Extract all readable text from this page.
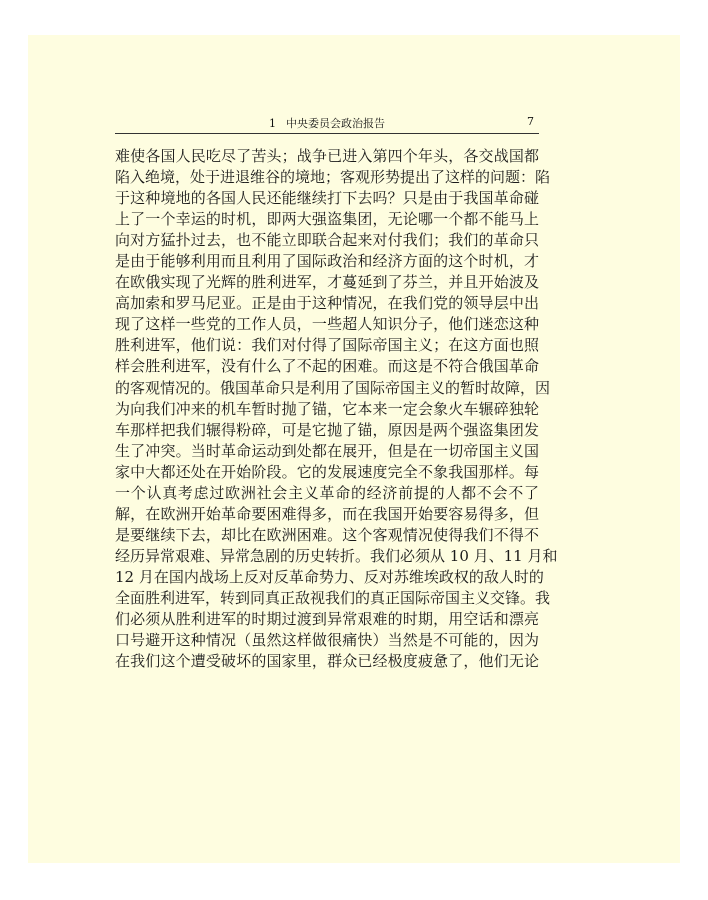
1 中央委员会政治报告	7
难使各国人民吃尽了苦头；战争已进入第四个年头，各交战国都
陷入绝境，处于进退维谷的境地；客观形势提出了这样的问题：陷
于这种境地的各国人民还能继续打下去吗？只是由于我国革命碰
上了一个幸运的时机，即两大强盗集团，无论哪一个都不能马上
向对方猛扑过去，也不能立即联合起来对付我们；我们的革命只
是由于能够利用而且利用了国际政治和经济方面的这个时机，才
在欧俄实现了光辉的胜利进军，才蔓延到了芬兰，并且开始波及
高加索和罗马尼亚。正是由于这种情况，在我们党的领导层中出
现了这样一些党的工作人员，一些超人知识分子，他们迷恋这种
胜利进军，他们说：我们对付得了国际帝国主义；在这方面也照
样会胜利进军，没有什么了不起的困难。而这是不符合俄国革命
的客观情况的。俄国革命只是利用了国际帝国主义的暂时故障，因
为向我们冲来的机车暂时抛了锚，它本来一定会象火车辗碎独轮
车那样把我们辗得粉碎，可是它抛了锚，原因是两个强盗集团发
生了冲突。当时革命运动到处都在展开，但是在一切帝国主义国
家中大都还处在开始阶段。它的发展速度完全不象我国那样。每
一个认真考虑过欧洲社会主义革命的经济前提的人都不会不了
解，在欧洲开始革命要困难得多，而在我国开始要容易得多，但
是要继续下去，却比在欧洲困难。这个客观情况使得我们不得不
经历异常艰难、异常急剧的历史转折。我们必须从 10 月、11 月和
12 月在国内战场上反对反革命势力、反对苏维埃政权的敌人时的
全面胜利进军，转到同真正敌视我们的真正国际帝国主义交锋。我
们必须从胜利进军的时期过渡到异常艰难的时期，用空话和漂亮
口号避开这种情况（虽然这样做很痛快）当然是不可能的，因为
在我们这个遭受破坏的国家里，群众已经极度疲惫了，他们无论
